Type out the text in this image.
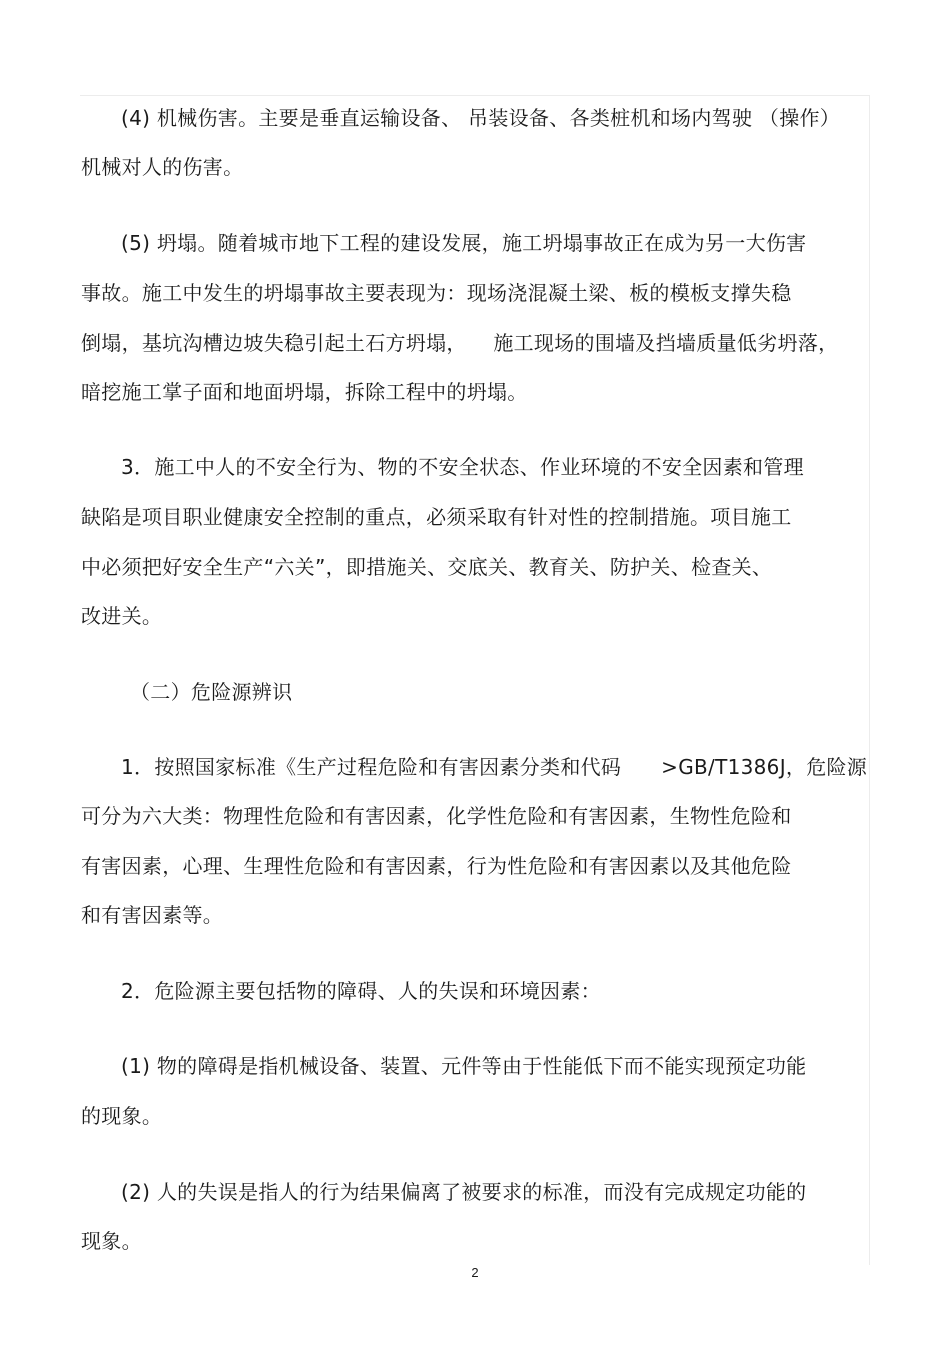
(4) 机械伤害。主要是垂直运输设备、 吊装设备、各类桩机和场内驾驶 （操作）
机械对人的伤害。
(5) 坍塌。随着城市地下工程的建设发展，施工坍塌事故正在成为另一大伤害
事故。施工中发生的坍塌事故主要表现为：现场浇混凝土梁、板的模板支撑失稳
倒塌，基坑沟槽边坡失稳引起土石方坍塌，    施工现场的围墙及挡墙质量低劣坍落，
暗挖施工掌子面和地面坍塌，拆除工程中的坍塌。
3．施工中人的不安全行为、物的不安全状态、作业环境的不安全因素和管理
缺陷是项目职业健康安全控制的重点，必须采取有针对性的控制措施。项目施工
中必须把好安全生产“六关”，即措施关、交底关、教育关、防护关、检查关、
改进关。
（二）危险源辨识
1．按照国家标准《生产过程危险和有害因素分类和代码      >GB/T1386J，危险源
可分为六大类：物理性危险和有害因素，化学性危险和有害因素，生物性危险和
有害因素，心理、生理性危险和有害因素，行为性危险和有害因素以及其他危险
和有害因素等。
2．危险源主要包括物的障碍、人的失误和环境因素：
(1) 物的障碍是指机械设备、装置、元件等由于性能低下而不能实现预定功能
的现象。
(2) 人的失误是指人的行为结果偏离了被要求的标准，而没有完成规定功能的
现象。
2
